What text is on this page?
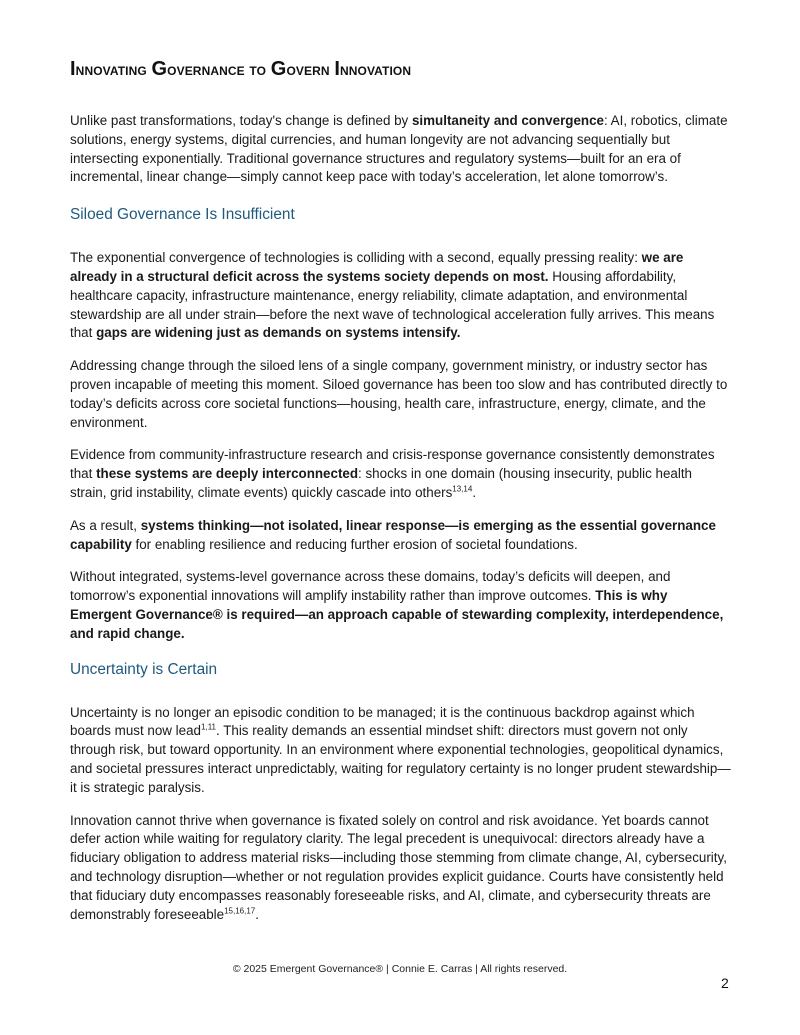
Innovating Governance to Govern Innovation

Unlike past transformations, today's change is defined by simultaneity and convergence: AI, robotics, climate solutions, energy systems, digital currencies, and human longevity are not advancing sequentially but intersecting exponentially. Traditional governance structures and regulatory systems—built for an era of incremental, linear change—simply cannot keep pace with today’s acceleration, let alone tomorrow’s.

Siloed Governance Is Insufficient

The exponential convergence of technologies is colliding with a second, equally pressing reality: we are already in a structural deficit across the systems society depends on most. Housing affordability, healthcare capacity, infrastructure maintenance, energy reliability, climate adaptation, and environmental stewardship are all under strain—before the next wave of technological acceleration fully arrives. This means that gaps are widening just as demands on systems intensify.

Addressing change through the siloed lens of a single company, government ministry, or industry sector has proven incapable of meeting this moment. Siloed governance has been too slow and has contributed directly to today’s deficits across core societal functions—housing, health care, infrastructure, energy, climate, and the environment.

Evidence from community-infrastructure research and crisis-response governance consistently demonstrates that these systems are deeply interconnected: shocks in one domain (housing insecurity, public health strain, grid instability, climate events) quickly cascade into others$^{13,14}$.

As a result, systems thinking—not isolated, linear response—is emerging as the essential governance capability for enabling resilience and reducing further erosion of societal foundations.

Without integrated, systems-level governance across these domains, today’s deficits will deepen, and tomorrow’s exponential innovations will amplify instability rather than improve outcomes. This is why Emergent Governance® is required—an approach capable of stewarding complexity, interdependence, and rapid change.

Uncertainty is Certain

Uncertainty is no longer an episodic condition to be managed; it is the continuous backdrop against which boards must now lead$^{1,11}$. This reality demands an essential mindset shift: directors must govern not only through risk, but toward opportunity. In an environment where exponential technologies, geopolitical dynamics, and societal pressures interact unpredictably, waiting for regulatory certainty is no longer prudent stewardship—it is strategic paralysis.

Innovation cannot thrive when governance is fixated solely on control and risk avoidance. Yet boards cannot defer action while waiting for regulatory clarity. The legal precedent is unequivocal: directors already have a fiduciary obligation to address material risks—including those stemming from climate change, AI, cybersecurity, and technology disruption—whether or not regulation provides explicit guidance. Courts have consistently held that fiduciary duty encompasses reasonably foreseeable risks, and AI, climate, and cybersecurity threats are demonstrably foreseeable$^{15,16,17}$.

© 2025 Emergent Governance® | Connie E. Carras | All rights reserved.
2
